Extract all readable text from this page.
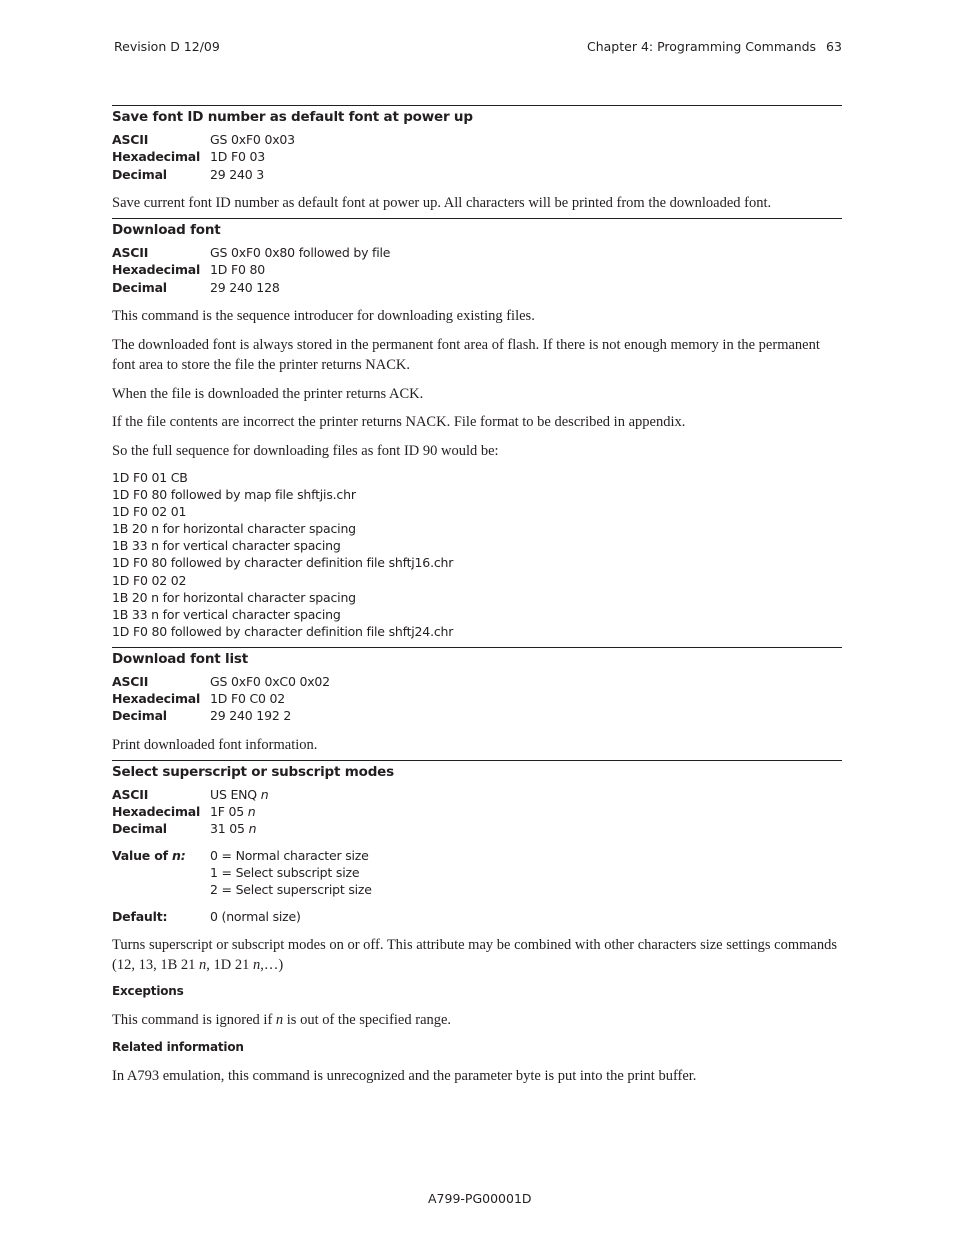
Revision D 12/09	Chapter 4: Programming Commands 63
Save font ID number as default font at power up
ASCII	GS 0xF0 0x03
Hexadecimal 1D F0 03
Decimal	29 240 3
Save current font ID number as default font at power up. All characters will be printed from the downloaded font.
Download font
ASCII	GS 0xF0 0x80 followed by file
Hexadecimal 1D F0 80
Decimal	29 240 128
This command is the sequence introducer for downloading existing files.
The downloaded font is always stored in the permanent font area of flash. If there is not enough memory in the permanent font area to store the file the printer returns NACK.
When the file is downloaded the printer returns ACK.
If the file contents are incorrect the printer returns NACK. File format to be described in appendix.
So the full sequence for downloading files as font ID 90 would be:
1D F0 01 CB
1D F0 80 followed by map file shftjis.chr
1D F0 02 01
1B 20 n for horizontal character spacing
1B 33 n for vertical character spacing
1D F0 80 followed by character definition file shftj16.chr
1D F0 02 02
1B 20 n for horizontal character spacing
1B 33 n for vertical character spacing
1D F0 80 followed by character definition file shftj24.chr
Download font list
ASCII	GS 0xF0 0xC0 0x02
Hexadecimal 1D F0 C0 02
Decimal	29 240 192 2
Print downloaded font information.
Select superscript or subscript modes
ASCII	US ENQ n
Hexadecimal 1F 05 n
Decimal	31 05 n
Value of n: 0 = Normal character size
1 = Select subscript size
2 = Select superscript size
Default:	0 (normal size)
Turns superscript or subscript modes on or off. This attribute may be combined with other characters size settings commands (12, 13, 1B 21 n, 1D 21 n,…)
Exceptions
This command is ignored if n is out of the specified range.
Related information
In A793 emulation, this command is unrecognized and the parameter byte is put into the print buffer.
A799-PG00001D
